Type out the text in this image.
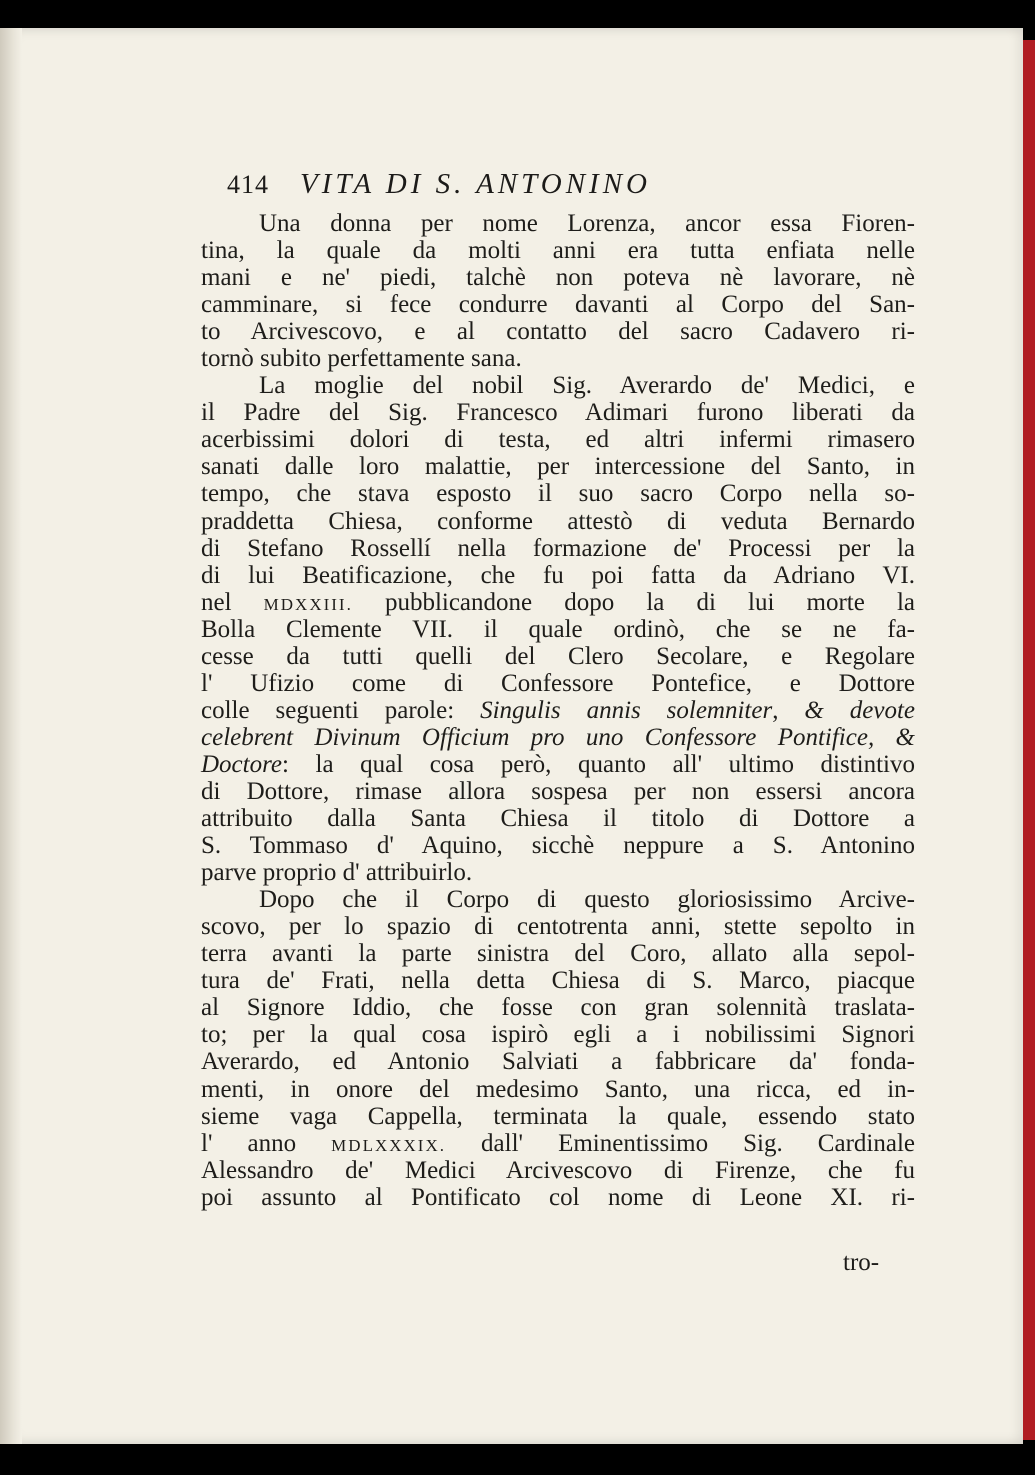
414 VITA DI S. ANTONINO
Una donna per nome Lorenza, ancor essa Fioren-
tina, la quale da molti anni era tutta enfiata nelle
mani e ne' piedi, talchè non poteva nè lavorare, nè
camminare, si fece condurre davanti al Corpo del San-
to Arcivescovo, e al contatto del sacro Cadavero ri-
tornò subito perfettamente sana.
La moglie del nobil Sig. Averardo de' Medici, e
il Padre del Sig. Francesco Adimari furono liberati da
acerbissimi dolori di testa, ed altri infermi rimasero
sanati dalle loro malattie, per intercessione del Santo, in
tempo, che stava esposto il suo sacro Corpo nella so-
praddetta Chiesa, conforme attestò di veduta Bernardo
di Stefano Rossellí nella formazione de' Processi per la
di lui Beatificazione, che fu poi fatta da Adriano VI.
nel MDXXIII. pubblicandone dopo la di lui morte la
Bolla Clemente VII. il quale ordinò, che se ne fa-
cesse da tutti quelli del Clero Secolare, e Regolare
l' Ufizio come di Confessore Pontefice, e Dottore
colle seguenti parole: Singulis annis solemniter, & devote
celebrent Divinum Officium pro uno Confessore Pontifice, &
Doctore: la qual cosa però, quanto all' ultimo distintivo
di Dottore, rimase allora sospesa per non essersi ancora
attribuito dalla Santa Chiesa il titolo di Dottore a
S. Tommaso d' Aquino, sicchè neppure a S. Antonino
parve proprio d' attribuirlo.
Dopo che il Corpo di questo gloriosissimo Arcive-
scovo, per lo spazio di centotrenta anni, stette sepolto in
terra avanti la parte sinistra del Coro, allato alla sepol-
tura de' Frati, nella detta Chiesa di S. Marco, piacque
al Signore Iddio, che fosse con gran solennità traslata-
to; per la qual cosa ispirò egli a i nobilissimi Signori
Averardo, ed Antonio Salviati a fabbricare da' fonda-
menti, in onore del medesimo Santo, una ricca, ed in-
sieme vaga Cappella, terminata la quale, essendo stato
l' anno MDLXXXIX. dall' Eminentissimo Sig. Cardinale
Alessandro de' Medici Arcivescovo di Firenze, che fu
poi assunto al Pontificato col nome di Leone XI. ri-
tro-
